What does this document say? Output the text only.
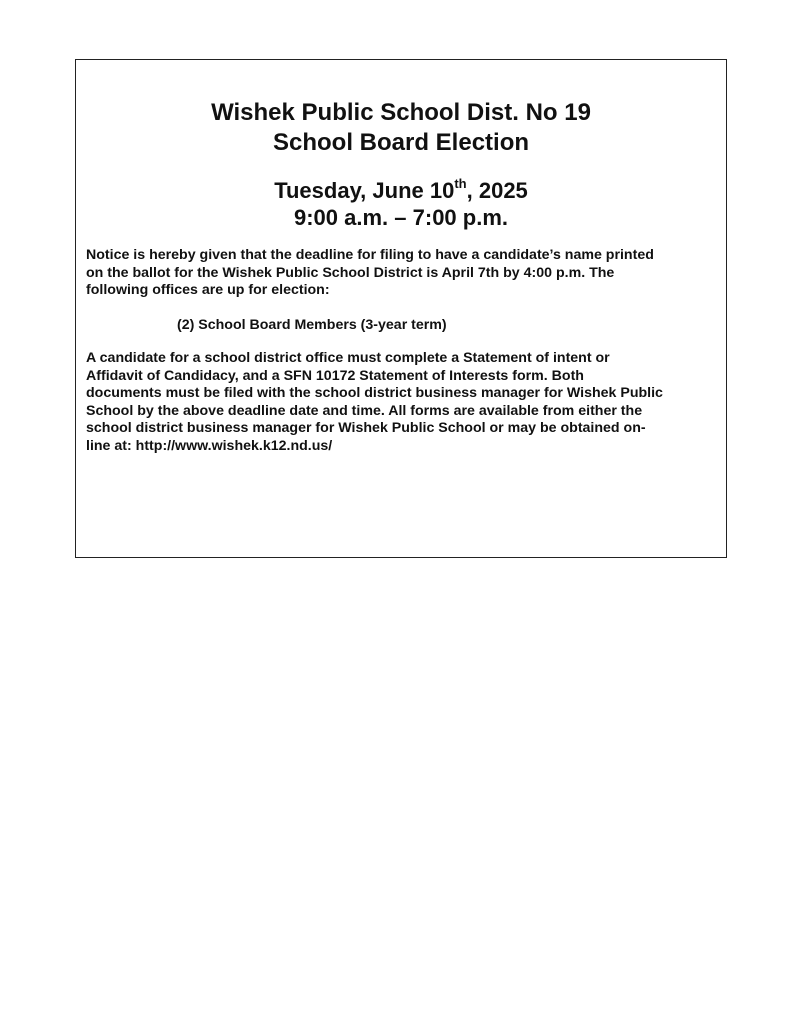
Wishek Public School Dist. No 19
School Board Election
Tuesday, June 10th, 2025
9:00 a.m. – 7:00 p.m.

Notice is hereby given that the deadline for filing to have a candidate’s name printed
on the ballot for the Wishek Public School District is April 7th by 4:00 p.m. The
following offices are up for election:

(2) School Board Members (3-year term)

A candidate for a school district office must complete a Statement of intent or
Affidavit of Candidacy, and a SFN 10172 Statement of Interests form. Both
documents must be filed with the school district business manager for Wishek Public
School by the above deadline date and time. All forms are available from either the
school district business manager for Wishek Public School or may be obtained on-
line at: http://www.wishek.k12.nd.us/
